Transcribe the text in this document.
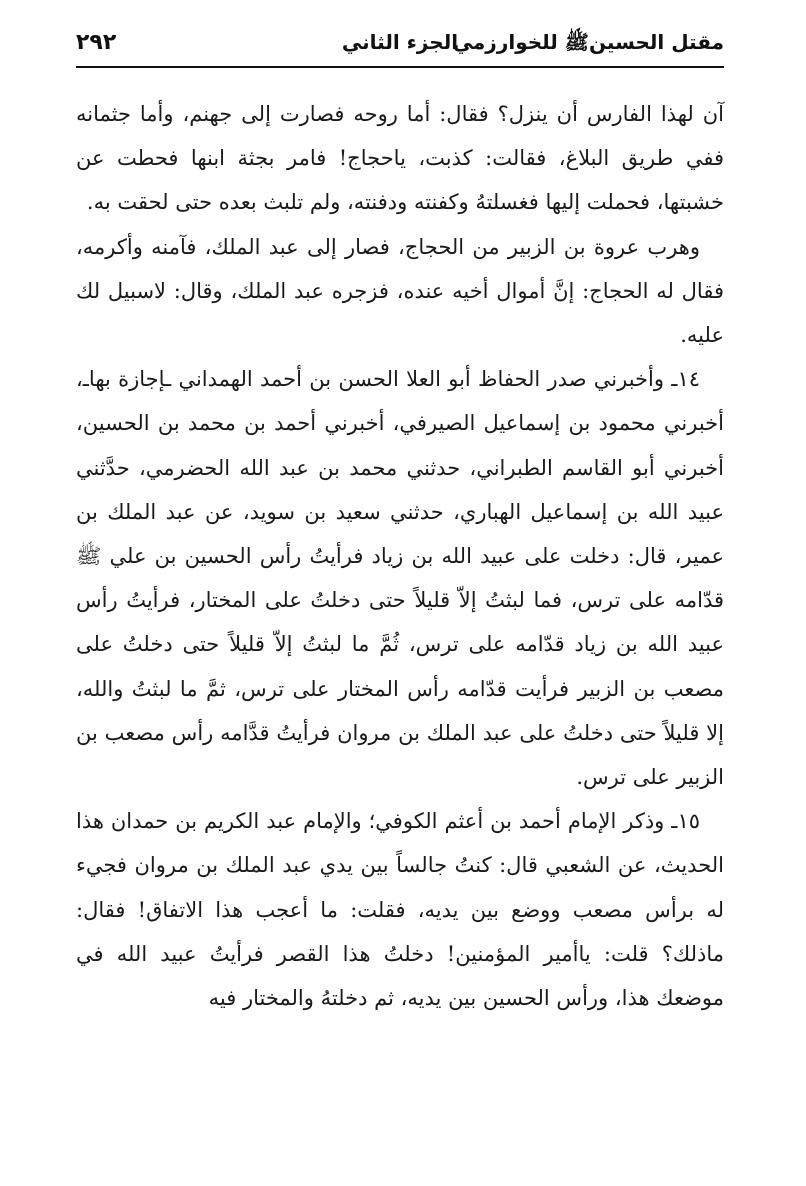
مقتل الحسينﷺ للخوارزمي
الجزء الثاني
٢٩٢

آن لهذا الفارس أن ينزل؟ فقال: أما روحه فصارت إلى جهنم، وأما جثمانه ففي طريق البلاغ، فقالت: كذبت، ياحجاج! فامر بجثة ابنها فحطت عن خشبتها، فحملت إليها فغسلتهُ وكفنته ودفنته، ولم تلبث بعده حتى لحقت به.

وهرب عروة بن الزبير من الحجاج، فصار إلى عبد الملك، فآمنه وأكرمه، فقال له الحجاج: إنَّ أموال أخيه عنده، فزجره عبد الملك، وقال: لاسبيل لك عليه.

١٤ـ وأخبرني صدر الحفاظ أبو العلا الحسن بن أحمد الهمداني ـإجازة بهاـ، أخبرني محمود بن إسماعيل الصيرفي، أخبرني أحمد بن محمد بن الحسين، أخبرني أبو القاسم الطبراني، حدثني محمد بن عبد الله الحضرمي، حدَّثني عبيد الله بن إسماعيل الهباري، حدثني سعيد بن سويد، عن عبد الملك بن عمير، قال: دخلت على عبيد الله بن زياد فرأيتُ رأس الحسين بن علي ﷺ قدّامه على ترس، فما لبثتُ إلاّ قليلاً حتى دخلتُ على المختار، فرأيتُ رأس عبيد الله بن زياد قدّامه على ترس، ثُمَّ ما لبثتُ إلاّ قليلاً حتى دخلتُ على مصعب بن الزبير فرأيت قدّامه رأس المختار على ترس، ثمَّ ما لبثتُ والله، إلا قليلاً حتى دخلتُ على عبد الملك بن مروان فرأيتُ قدَّامه رأس مصعب بن الزبير على ترس.

١٥ـ وذكر الإمام أحمد بن أعثم الكوفي؛ والإمام عبد الكريم بن حمدان هذا الحديث، عن الشعبي قال: كنتُ جالساً بين يدي عبد الملك بن مروان فجيء له برأس مصعب ووضع بين يديه، فقلت: ما أعجب هذا الاتفاق! فقال: ماذلك؟ قلت: ياأمير المؤمنين! دخلتُ هذا القصر فرأيتُ عبيد الله في موضعك هذا، ورأس الحسين بين يديه، ثم دخلتهُ والمختار فيه
